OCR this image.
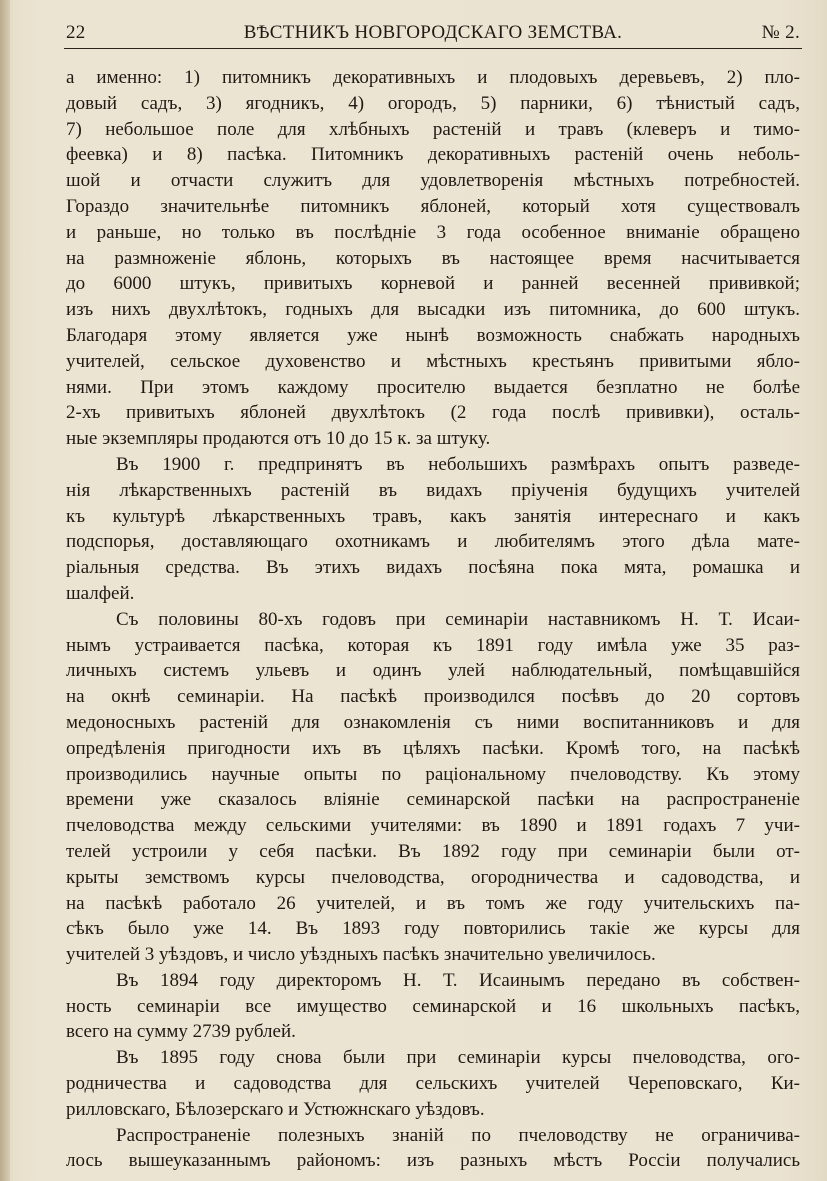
ВѢСТНИКЪ НОВГОРОДСКАГО ЗЕМСТВА.
22	№ 2.
а именно: 1) питомникъ декоративныхъ и плодовыхъ деревьевъ, 2) пло-
довый садъ, 3) ягодникъ, 4) огородъ, 5) парники, 6) тѣнистый садъ,
7) небольшое поле для хлѣбныхъ растеній и травъ (клеверъ и тимо-
феевка) и 8) пасѣка. Питомникъ декоративныхъ растеній очень неболь-
шой и отчасти служитъ для удовлетворенія мѣстныхъ потребностей.
Гораздо значительнѣе питомникъ яблоней, который хотя существовалъ
и раньше, но только въ послѣдніе 3 года особенное вниманіе обращено
на размноженіе яблонь, которыхъ въ настоящее время насчитывается
до 6000 штукъ, привитыхъ корневой и ранней весенней прививкой;
изъ нихъ двухлѣтокъ, годныхъ для высадки изъ питомника, до 600 штукъ.
Благодаря этому является уже нынѣ возможность снабжать народныхъ
учителей, сельское духовенство и мѣстныхъ крестьянъ привитыми ябло-
нями. При этомъ каждому просителю выдается безплатно не болѣе
2-хъ привитыхъ яблоней двухлѣтокъ (2 года послѣ прививки), осталь-
ные экземпляры продаются отъ 10 до 15 к. за штуку.
Въ 1900 г. предпринятъ въ небольшихъ размѣрахъ опытъ разведе-
нія лѣкарственныхъ растеній въ видахъ пріученія будущихъ учителей
къ культурѣ лѣкарственныхъ травъ, какъ занятія интереснаго и какъ
подспорья, доставляющаго охотникамъ и любителямъ этого дѣла мате-
ріальныя средства. Въ этихъ видахъ посѣяна пока мята, ромашка и
шалфей.
Съ половины 80-хъ годовъ при семинаріи наставникомъ Н. Т. Исаи-
нымъ устраивается пасѣка, которая къ 1891 году имѣла уже 35 раз-
личныхъ системъ ульевъ и одинъ улей наблюдательный, помѣщавшійся
на окнѣ семинаріи. На пасѣкѣ производился посѣвъ до 20 сортовъ
медоносныхъ растеній для ознакомленія съ ними воспитанниковъ и для
опредѣленія пригодности ихъ въ цѣляхъ пасѣки. Кромѣ того, на пасѣкѣ
производились научные опыты по раціональному пчеловодству. Къ этому
времени уже сказалось вліяніе семинарской пасѣки на распространеніе
пчеловодства между сельскими учителями: въ 1890 и 1891 годахъ 7 учи-
телей устроили у себя пасѣки. Въ 1892 году при семинаріи были от-
крыты земствомъ курсы пчеловодства, огородничества и садоводства, и
на пасѣкѣ работало 26 учителей, и въ томъ же году учительскихъ па-
сѣкъ было уже 14. Въ 1893 году повторились такіе же курсы для
учителей 3 уѣздовъ, и число уѣздныхъ пасѣкъ значительно увеличилось.
Въ 1894 году директоромъ Н. Т. Исаинымъ передано въ собствен-
ность семинаріи все имущество семинарской и 16 школьныхъ пасѣкъ,
всего на сумму 2739 рублей.
Въ 1895 году снова были при семинаріи курсы пчеловодства, ого-
родничества и садоводства для сельскихъ учителей Череповскаго, Ки-
рилловскаго, Бѣлозерскаго и Устюжнскаго уѣздовъ.
Распространеніе полезныхъ знаній по пчеловодству не ограничива-
лось вышеуказаннымъ райономъ: изъ разныхъ мѣстъ Россіи получались
